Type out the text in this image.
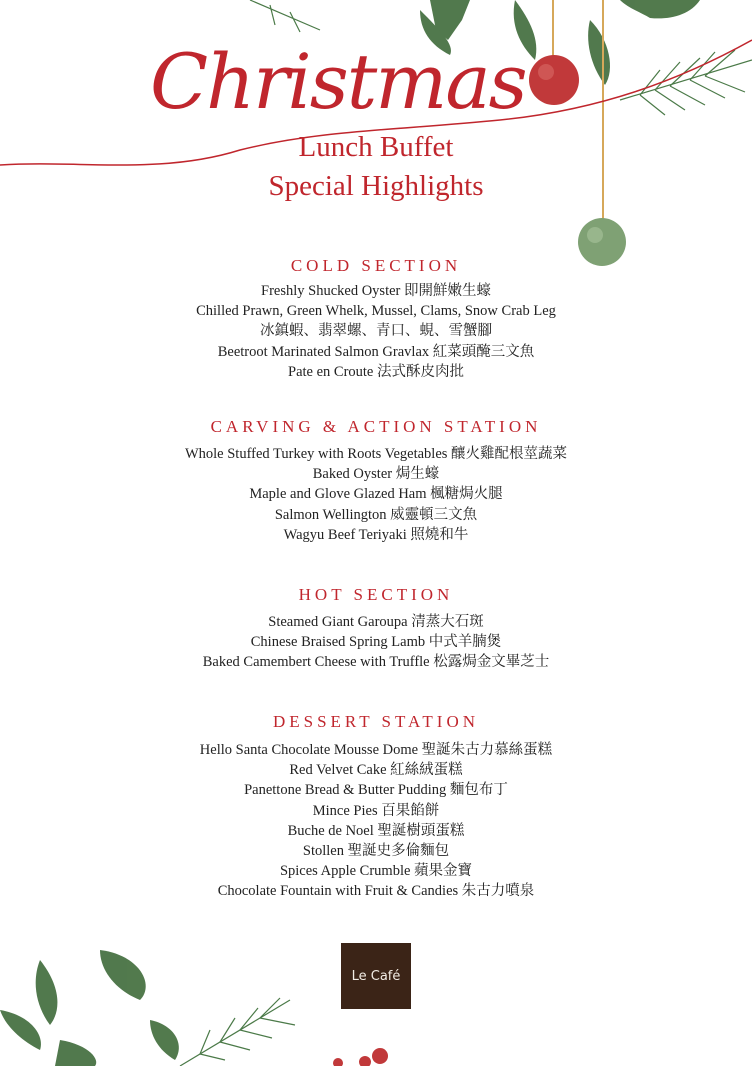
Christmas
Lunch Buffet
Special Highlights
COLD SECTION
Freshly Shucked Oyster 即開鮮嫩生蠔
Chilled Prawn, Green Whelk, Mussel, Clams, Snow Crab Leg
冰鎮蝦、翡翠螺、青口、蜆、雪蟹腳
Beetroot Marinated Salmon Gravlax 紅菜頭醃三文魚
Pate en Croute 法式酥皮肉批
CARVING & ACTION STATION
Whole Stuffed Turkey with Roots Vegetables 釀火雞配根莖蔬菜
Baked Oyster 焗生蠔
Maple and Glove Glazed Ham 楓糖焗火腿
Salmon Wellington 威靈頓三文魚
Wagyu Beef Teriyaki 照燒和牛
HOT SECTION
Steamed Giant Garoupa 清蒸大石斑
Chinese Braised Spring Lamb 中式羊腩煲
Baked Camembert Cheese with Truffle 松露焗金文畢芝士
DESSERT STATION
Hello Santa Chocolate Mousse Dome 聖誕朱古力慕絲蛋糕
Red Velvet Cake 紅絲絨蛋糕
Panettone Bread & Butter Pudding 麵包布丁
Mince Pies 百果餡餅
Buche de Noel 聖誕樹頭蛋糕
Stollen 聖誕史多倫麵包
Spices Apple Crumble 蘋果金寶
Chocolate Fountain with Fruit & Candies 朱古力噴泉
Le Café
